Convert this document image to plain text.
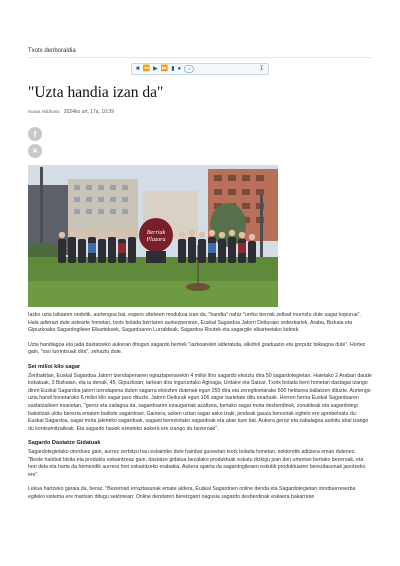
Txotx denboraldia
■ ⏪ ▶ ⏩ ▮ ●	1	↧
"Uzta handia izan da"
Noaua Aldizkaria 2024ko urt. 17a, 10:39
f
✕
Berriak
Plazara

Iazko uzta txikiaren ondotik, aurtengoa bai, espero zitekeen modukoa izan da, "handia" nahiz "urriko berosk zelbait murriztu dute sagar kopurua". Hala adierazi dute asteartе honetan, txotx bolada berriaren aurkezpenean, Euskal Sagardoa Jatorri Deituraко ordezkariek, Araba, Bizkaia eta Gipuzkoako Sagardogileen Elkartekoek, Sagardoaren Lurraldeak, Sagardoa Routek eta sagargile elkarteetako kideek.

Uzta handiagoa eta jada dastatzeko aukeran ditugun sagardo berriek "iazkoarekin alderatuta, alkohol graduazio eta gorputz txikiagoa dute". Hortez gain, "oso lurrintsuak dira", zehaztu dute.

Sei milioi kilo sagar

Zenbakitan, Euskal Sagardoa Jatorri Izendapenaren egiaztapenarekin 4 milioi litro sagardo ekoiztu dira 50 sagardotegietan. Haietako 2 Araban daude kokatuak, 3 Bizkaian, eta ia denak, 45, Gipuzkoan; tartean dira inguruotako Aginaga, Urdaire eta Saizar. Txotx bolada berri honetan dastagai izango diren Euskal Sagardoa jatorri izendapena duten sagarra ekoizten dutenak egun 250 dira eta zeregitoetarako 500 hektarea ballatzen dituzte. Aurtengo uzta handi honetarako 6 milioi kilo sagar jaso dituzte. Jatorri Deiturak egun 106 sagar barietate ditu onartuak. Horren herira Euskal Sagardoaren sustatzaileen esanetan, "geroz eta zailagoa da, sagardoaren ezaugarriak azaltzea, bertako sagar mota desberdinek, zonaldeak eta sagardotegi bakoitzak ukitu berezia ematen baitiote sagardoari. Gainera, azken uztan sagar asko izaki, jendeak gauza berezirak egitelo ere aprobetxatu du: Euskal Sagardoa, sagar mota jakineko sagardoak, sagasti bereziotako sagardoak eta abar luze bat. Aukera geroz eta zabalagoa aurkitu ahal izango du kontsumitzaileak. Eta sagardo hauek ezesteko aukera ere izango du bezeroak".

Sagardo Dastatze Gidatuak

Sagardotegietako otorduez gain, aurrez zerbitzu hau eskaintko dute hainbat guneetan txotx bolada honetan, sektoretik aditzera eman dutenez. "Beste hainbat bisita eta produktu eskaintzeaz gain, dastatze gidatua bezalako produktuak eskatu dizkigu jzan den urteotan bertako bezeroak, eta hori dela eta harta da hemendik aurrera hori eskaintzeko erabakia. Aukera aparta da sagardogileaen eskutik produktuaren berezitasunak jasotzeko ere".

Lekua hartzeko garaia da, beraz. "Bezeroari erraztasunak emate aldera, Euskal Sagardoen online denda eta Sagardotegietan otorduerreserba egiteko sistema ere martxan ditugu sektorean: Online dendaren bereizgarri nagusia sagardo desberdinak eskaera bakarrean
